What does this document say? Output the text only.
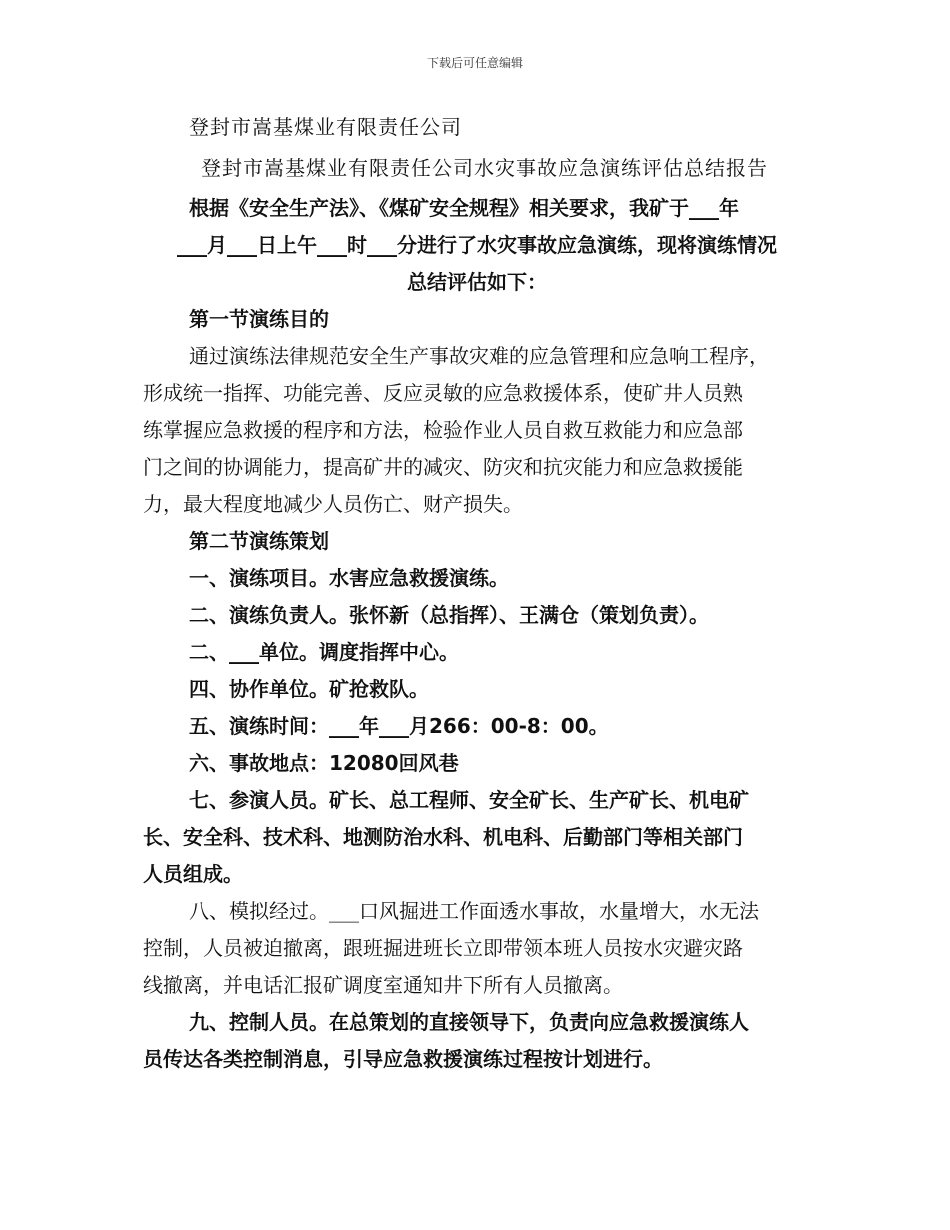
下载后可任意编辑
登封市嵩基煤业有限责任公司
登封市嵩基煤业有限责任公司水灾事故应急演练评估总结报告
根据《安全生产法》、《煤矿安全规程》相关要求，我矿于___年
___月___日上午___时___分进行了水灾事故应急演练，现将演练情况
总结评估如下：
第一节演练目的
通过演练法律规范安全生产事故灾难的应急管理和应急响工程序，
形成统一指挥、功能完善、反应灵敏的应急救援体系，使矿井人员熟
练掌握应急救援的程序和方法，检验作业人员自救互救能力和应急部
门之间的协调能力，提高矿井的减灾、防灾和抗灾能力和应急救援能
力，最大程度地减少人员伤亡、财产损失。
第二节演练策划
一、演练项目。水害应急救援演练。
二、演练负责人。张怀新（总指挥）、王满仓（策划负责）。
二、___单位。调度指挥中心。
四、协作单位。矿抢救队。
五、演练时间：___年___月266：00-8：00。
六、事故地点：12080回风巷
七、参演人员。矿长、总工程师、安全矿长、生产矿长、机电矿
长、安全科、技术科、地测防治水科、机电科、后勤部门等相关部门
人员组成。
八、模拟经过。___口风掘进工作面透水事故，水量增大，水无法
控制，人员被迫撤离，跟班掘进班长立即带领本班人员按水灾避灾路
线撤离，并电话汇报矿调度室通知井下所有人员撤离。
九、控制人员。在总策划的直接领导下，负责向应急救援演练人
员传达各类控制消息，引导应急救援演练过程按计划进行。
